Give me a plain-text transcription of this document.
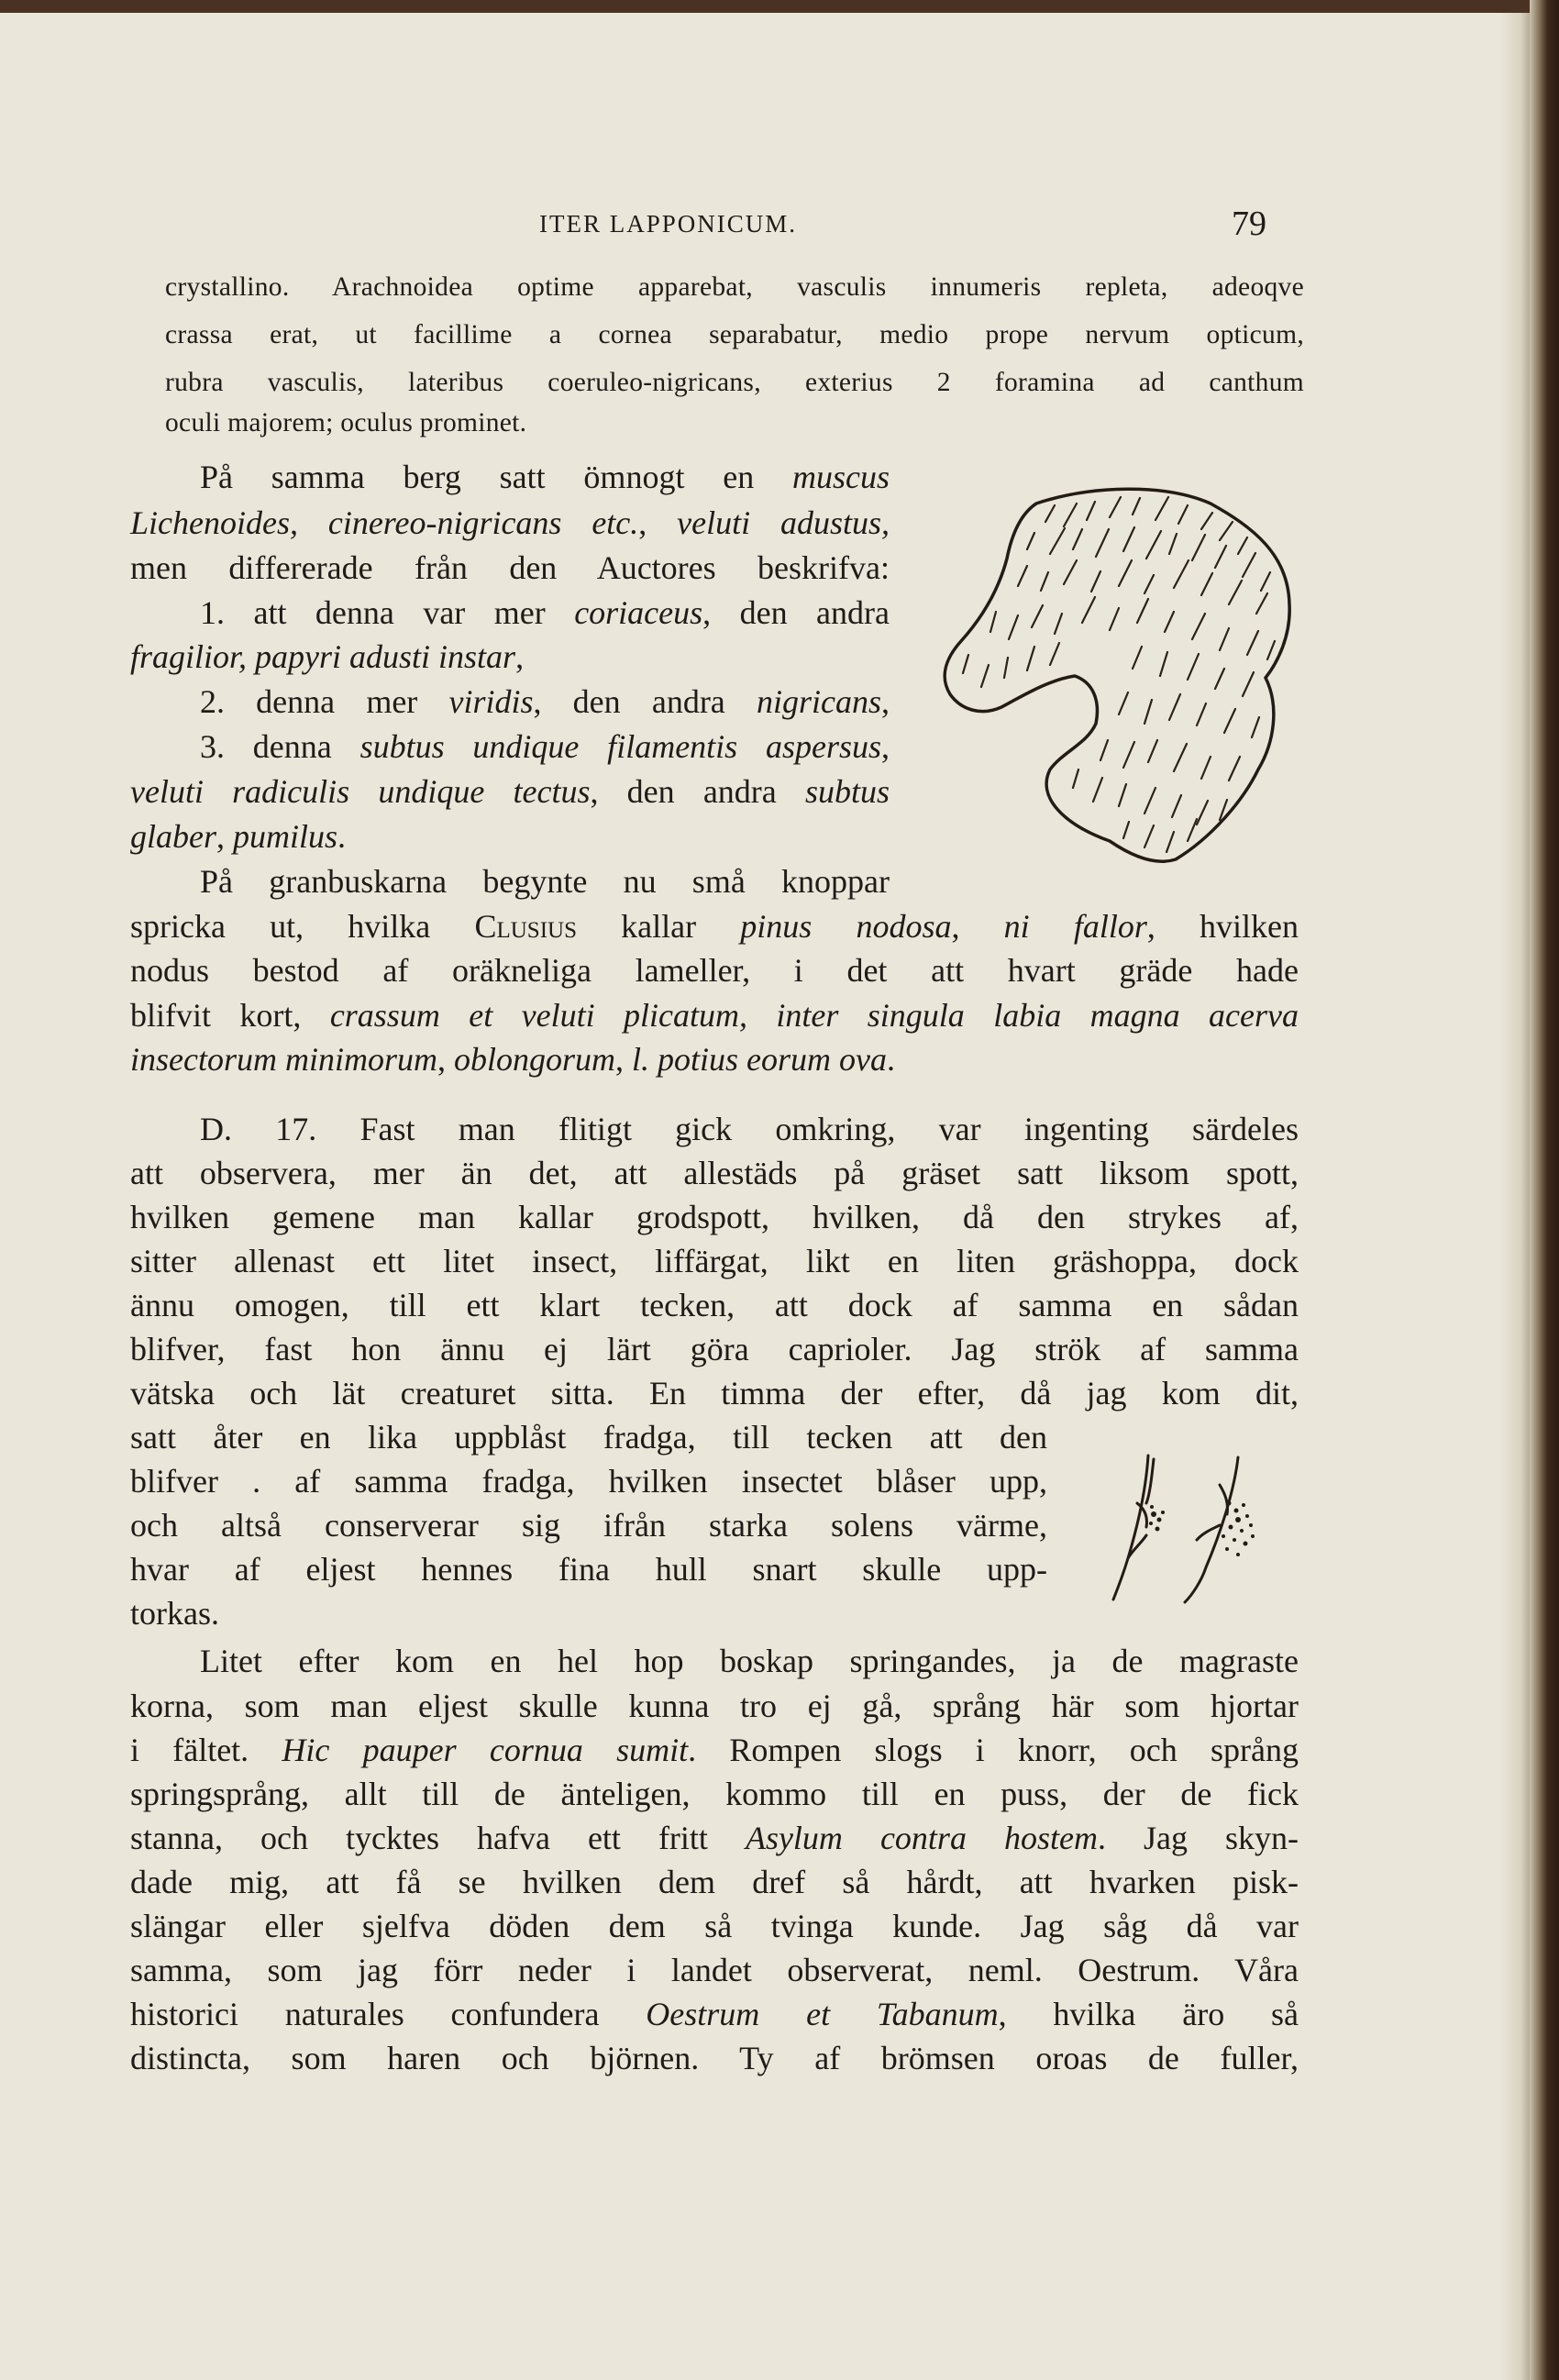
ITER LAPPONICUM.	79
crystallino. Arachnoidea optime apparebat, vasculis innumeris repleta, adeoqve
crassa erat, ut facillime a cornea separabatur, medio prope nervum opticum,
rubra vasculis, lateribus coeruleo-nigricans, exterius 2 foramina ad canthum
oculi majorem; oculus prominet.
På samma berg satt ömnogt en muscus
Lichenoides, cinereo-nigricans etc., veluti adustus,
men differerade från den Auctores beskrifva:
1. att denna var mer coriaceus, den andra
fragilior, papyri adusti instar,
2. denna mer viridis, den andra nigricans,
3. denna subtus undique filamentis aspersus,
veluti radiculis undique tectus, den andra subtus
glaber, pumilus.
På granbuskarna begynte nu små knoppar
spricka ut, hvilka Clusius kallar pinus nodosa, ni fallor, hvilken
nodus bestod af oräkneliga lameller, i det att hvart gräde hade
blifvit kort, crassum et veluti plicatum, inter singula labia magna acerva
insectorum minimorum, oblongorum, l. potius eorum ova.
D. 17. Fast man flitigt gick omkring, var ingenting särdeles
att observera, mer än det, att allestäds på gräset satt liksom spott,
hvilken gemene man kallar grodspott, hvilken, då den strykes af,
sitter allenast ett litet insect, liffärgat, likt en liten gräshoppa, dock
ännu omogen, till ett klart tecken, att dock af samma en sådan
blifver, fast hon ännu ej lärt göra caprioler. Jag strök af samma
vätska och lät creaturet sitta. En timma der efter, då jag kom dit,
satt åter en lika uppblåst fradga, till tecken att den
blifver . af samma fradga, hvilken insectet blåser upp,
och altså conserverar sig ifrån starka solens värme,
hvar af eljest hennes fina hull snart skulle upp-
torkas.
Litet efter kom en hel hop boskap springandes, ja de magraste
korna, som man eljest skulle kunna tro ej gå, språng här som hjortar
i fältet. Hic pauper cornua sumit. Rompen slogs i knorr, och språng
springsprång, allt till de änteligen, kommo till en puss, der de fick
stanna, och tycktes hafva ett fritt Asylum contra hostem. Jag skyn-
dade mig, att få se hvilken dem dref så hårdt, att hvarken pisk-
slängar eller sjelfva döden dem så tvinga kunde. Jag såg då var
samma, som jag förr neder i landet observerat, neml. Oestrum. Våra
historici naturales confundera Oestrum et Tabanum, hvilka äro så
distincta, som haren och björnen. Ty af brömsen oroas de fuller,
